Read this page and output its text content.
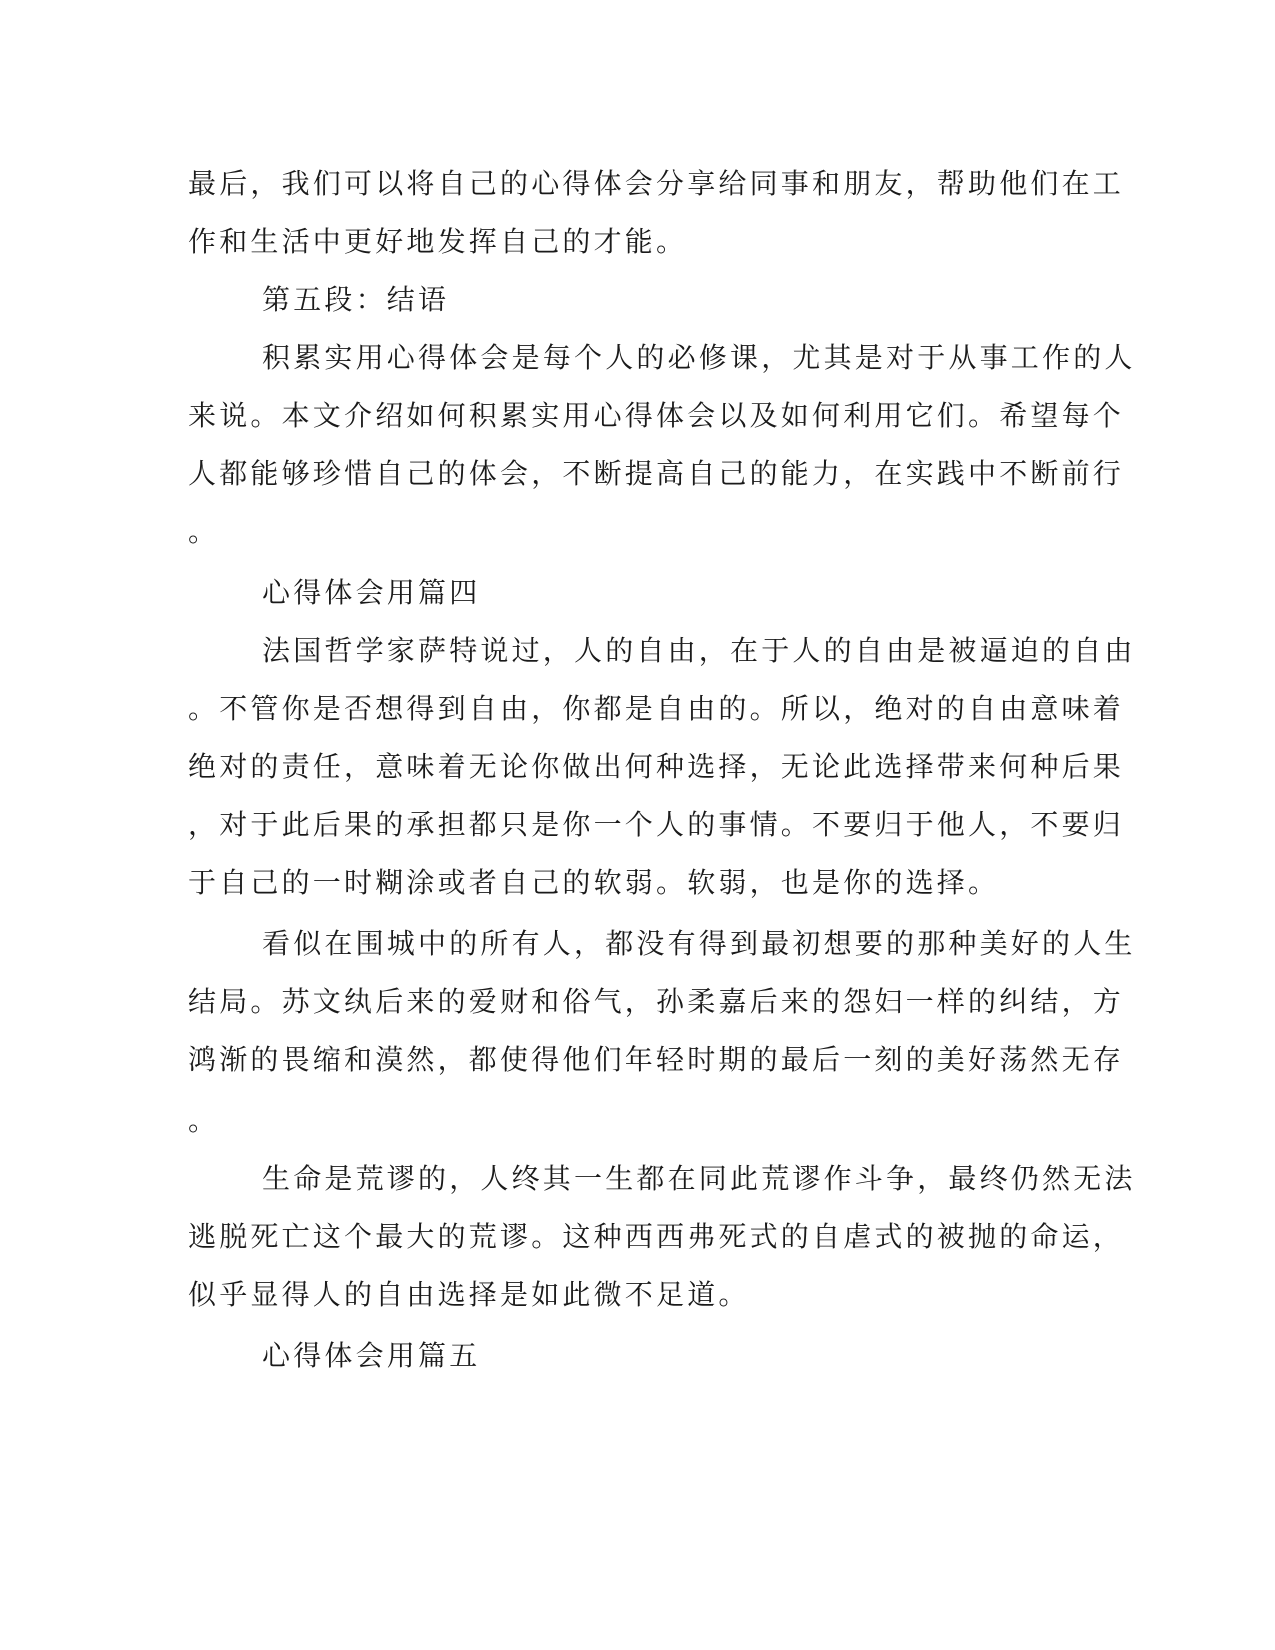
最后，我们可以将自己的心得体会分享给同事和朋友，帮助他们在工

作和生活中更好地发挥自己的才能。

第五段：结语

积累实用心得体会是每个人的必修课，尤其是对于从事工作的人

来说。本文介绍如何积累实用心得体会以及如何利用它们。希望每个

人都能够珍惜自己的体会，不断提高自己的能力，在实践中不断前行

。

心得体会用篇四

法国哲学家萨特说过，人的自由，在于人的自由是被逼迫的自由

。不管你是否想得到自由，你都是自由的。所以，绝对的自由意味着

绝对的责任，意味着无论你做出何种选择，无论此选择带来何种后果

，对于此后果的承担都只是你一个人的事情。不要归于他人，不要归

于自己的一时糊涂或者自己的软弱。软弱，也是你的选择。

看似在围城中的所有人，都没有得到最初想要的那种美好的人生

结局。苏文纨后来的爱财和俗气，孙柔嘉后来的怨妇一样的纠结，方

鸿渐的畏缩和漠然，都使得他们年轻时期的最后一刻的美好荡然无存

。

生命是荒谬的，人终其一生都在同此荒谬作斗争，最终仍然无法

逃脱死亡这个最大的荒谬。这种西西弗死式的自虐式的被抛的命运，

似乎显得人的自由选择是如此微不足道。

心得体会用篇五
